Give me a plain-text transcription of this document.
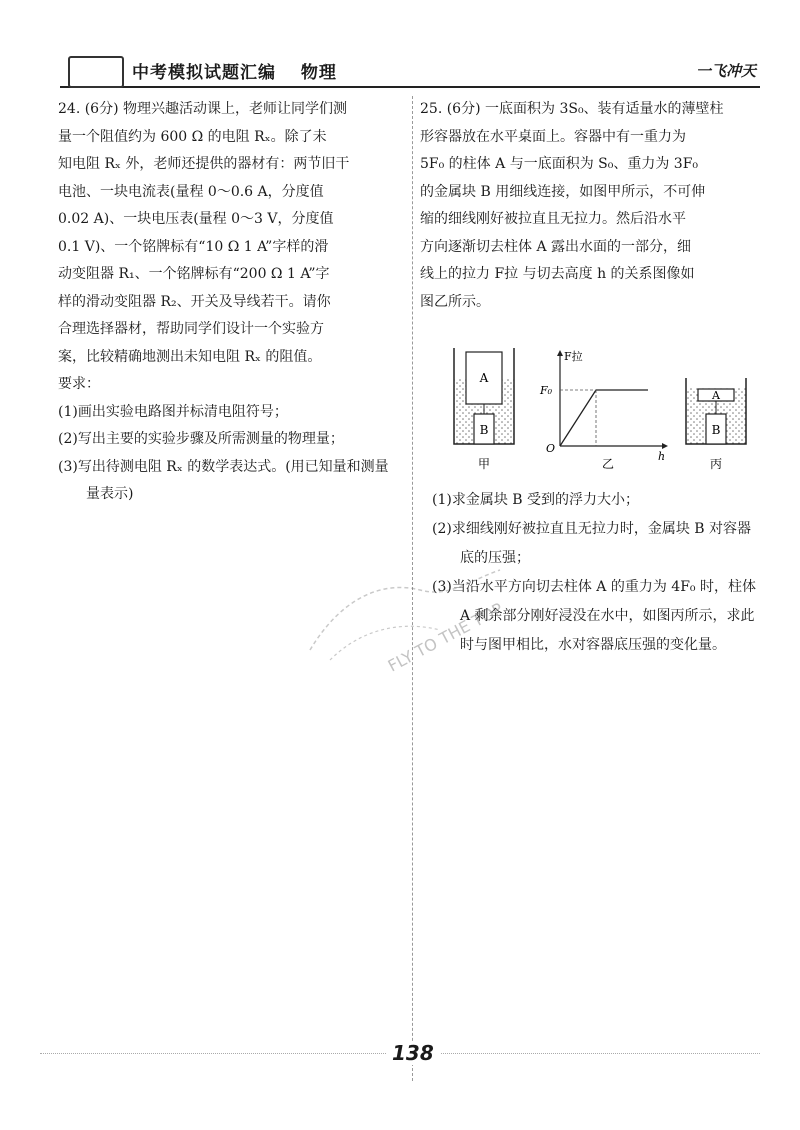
中考模拟试题汇编 物理	一飞冲天

24. (6分) 物理兴趣活动课上，老师让同学们测

量一个阻值约为 600 Ω 的电阻 Rₓ。除了未

知电阻 Rₓ 外，老师还提供的器材有：两节旧干

电池、一块电流表(量程 0～0.6 A，分度值

0.02 A)、一块电压表(量程 0～3 V，分度值

0.1 V)、一个铭牌标有“10 Ω 1 A”字样的滑

动变阻器 R₁、一个铭牌标有“200 Ω 1 A”字

样的滑动变阻器 R₂、开关及导线若干。请你

合理选择器材，帮助同学们设计一个实验方

案，比较精确地测出未知电阻 Rₓ 的阻值。

要求：

(1)画出实验电路图并标清电阻符号；

(2)写出主要的实验步骤及所需测量的物理量；

(3)写出待测电阻 Rₓ 的数学表达式。(用已知量和测量量表示)

25. (6分) 一底面积为 3S₀、装有适量水的薄壁柱

形容器放在水平桌面上。容器中有一重力为

5F₀ 的柱体 A 与一底面积为 S₀、重力为 3F₀

的金属块 B 用细线连接，如图甲所示，不可伸

缩的细线刚好被拉直且无拉力。然后沿水平

方向逐渐切去柱体 A 露出水面的一部分，细

线上的拉力 F拉 与切去高度 h 的关系图像如

图乙所示。

A
B
甲
F拉
h
O
F₀
乙
A
B
丙

(1)求金属块 B 受到的浮力大小；

(2)求细线刚好被拉直且无拉力时，金属块 B 对容器底的压强；

(3)当沿水平方向切去柱体 A 的重力为 4F₀ 时，柱体 A 剩余部分刚好浸没在水中，如图丙所示，求此时与图甲相比，水对容器底压强的变化量。

FLY TO THE TOP
138
